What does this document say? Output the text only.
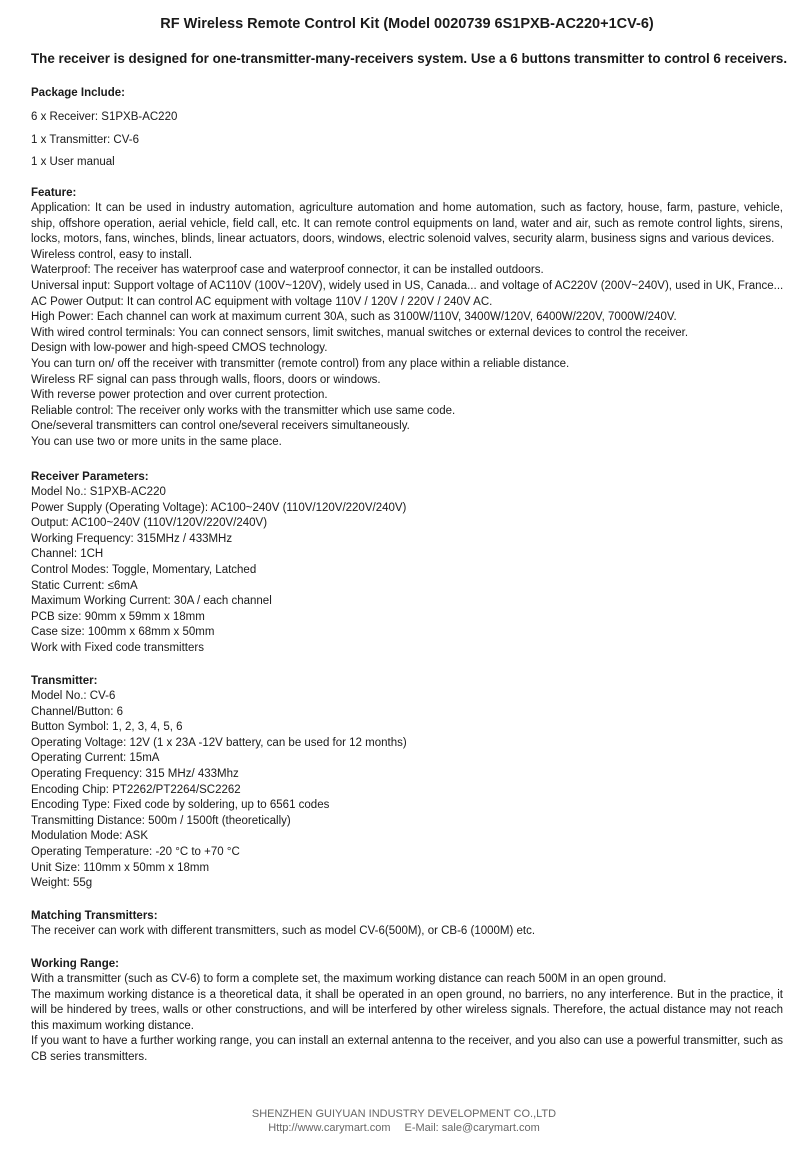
RF Wireless Remote Control Kit (Model 0020739 6S1PXB-AC220+1CV-6)
The receiver is designed for one-transmitter-many-receivers system. Use a 6 buttons transmitter to control 6 receivers.
Package Include:
6 x Receiver: S1PXB-AC220
1 x Transmitter: CV-6
1 x User manual
Feature:
Application: It can be used in industry automation, agriculture automation and home automation, such as factory, house, farm, pasture, vehicle, ship, offshore operation, aerial vehicle, field call, etc. It can remote control equipments on land, water and air, such as remote control lights, sirens, locks, motors, fans, winches, blinds, linear actuators, doors, windows, electric solenoid valves, security alarm, business signs and various devices.
Wireless control, easy to install.
Waterproof: The receiver has waterproof case and waterproof connector, it can be installed outdoors.
Universal input: Support voltage of AC110V (100V~120V), widely used in US, Canada... and voltage of AC220V (200V~240V), used in UK, France...
AC Power Output: It can control AC equipment with voltage 110V / 120V / 220V / 240V AC.
High Power: Each channel can work at maximum current 30A, such as 3100W/110V, 3400W/120V, 6400W/220V, 7000W/240V.
With wired control terminals: You can connect sensors, limit switches, manual switches or external devices to control the receiver.
Design with low-power and high-speed CMOS technology.
You can turn on/ off the receiver with transmitter (remote control) from any place within a reliable distance.
Wireless RF signal can pass through walls, floors, doors or windows.
With reverse power protection and over current protection.
Reliable control: The receiver only works with the transmitter which use same code.
One/several transmitters can control one/several receivers simultaneously.
You can use two or more units in the same place.
Receiver Parameters:
Model No.: S1PXB-AC220
Power Supply (Operating Voltage): AC100~240V (110V/120V/220V/240V)
Output: AC100~240V (110V/120V/220V/240V)
Working Frequency: 315MHz / 433MHz
Channel: 1CH
Control Modes: Toggle, Momentary, Latched
Static Current: ≤6mA
Maximum Working Current: 30A / each channel
PCB size: 90mm x 59mm x 18mm
Case size: 100mm x 68mm x 50mm
Work with Fixed code transmitters
Transmitter:
Model No.: CV-6
Channel/Button: 6
Button Symbol: 1, 2, 3, 4, 5, 6
Operating Voltage: 12V (1 x 23A -12V battery, can be used for 12 months)
Operating Current: 15mA
Operating Frequency: 315 MHz/ 433Mhz
Encoding Chip: PT2262/PT2264/SC2262
Encoding Type: Fixed code by soldering, up to 6561 codes
Transmitting Distance: 500m / 1500ft (theoretically)
Modulation Mode: ASK
Operating Temperature: -20 °C to +70 °C
Unit Size: 110mm x 50mm x 18mm
Weight: 55g
Matching Transmitters:
The receiver can work with different transmitters, such as model CV-6(500M), or CB-6 (1000M) etc.
Working Range:
With a transmitter (such as CV-6) to form a complete set, the maximum working distance can reach 500M in an open ground.
The maximum working distance is a theoretical data, it shall be operated in an open ground, no barriers, no any interference. But in the practice, it will be hindered by trees, walls or other constructions, and will be interfered by other wireless signals. Therefore, the actual distance may not reach this maximum working distance.
If you want to have a further working range, you can install an external antenna to the receiver, and you also can use a powerful transmitter, such as CB series transmitters.
SHENZHEN GUIYUAN INDUSTRY DEVELOPMENT CO.,LTD
Http://www.carymart.com E-Mail: sale@carymart.com
